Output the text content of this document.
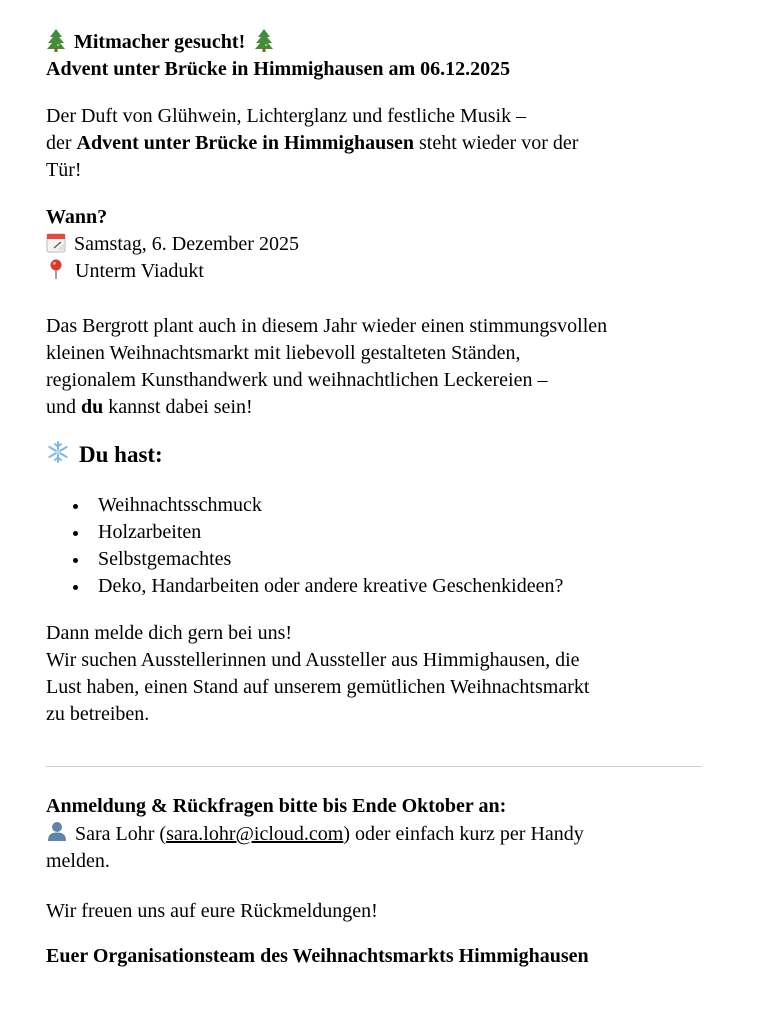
Mitmacher gesucht!
Advent unter Brücke in Himmighausen am 06.12.2025
Der Duft von Glühwein, Lichterglanz und festliche Musik –
der Advent unter Brücke in Himmighausen steht wieder vor der
Tür!
Wann?
Samstag, 6. Dezember 2025
Unterm Viadukt
Das Bergrott plant auch in diesem Jahr wieder einen stimmungsvollen
kleinen Weihnachtsmarkt mit liebevoll gestalteten Ständen,
regionalem Kunsthandwerk und weihnachtlichen Leckereien –
und du kannst dabei sein!
Du hast:
Weihnachtsschmuck
Holzarbeiten
Selbstgemachtes
Deko, Handarbeiten oder andere kreative Geschenkideen?
Dann melde dich gern bei uns!
Wir suchen Ausstellerinnen und Aussteller aus Himmighausen, die
Lust haben, einen Stand auf unserem gemütlichen Weihnachtsmarkt
zu betreiben.
Anmeldung & Rückfragen bitte bis Ende Oktober an:
Sara Lohr (sara.lohr@icloud.com) oder einfach kurz per Handy
melden.
Wir freuen uns auf eure Rückmeldungen!
Euer Organisationsteam des Weihnachtsmarkts Himmighausen
